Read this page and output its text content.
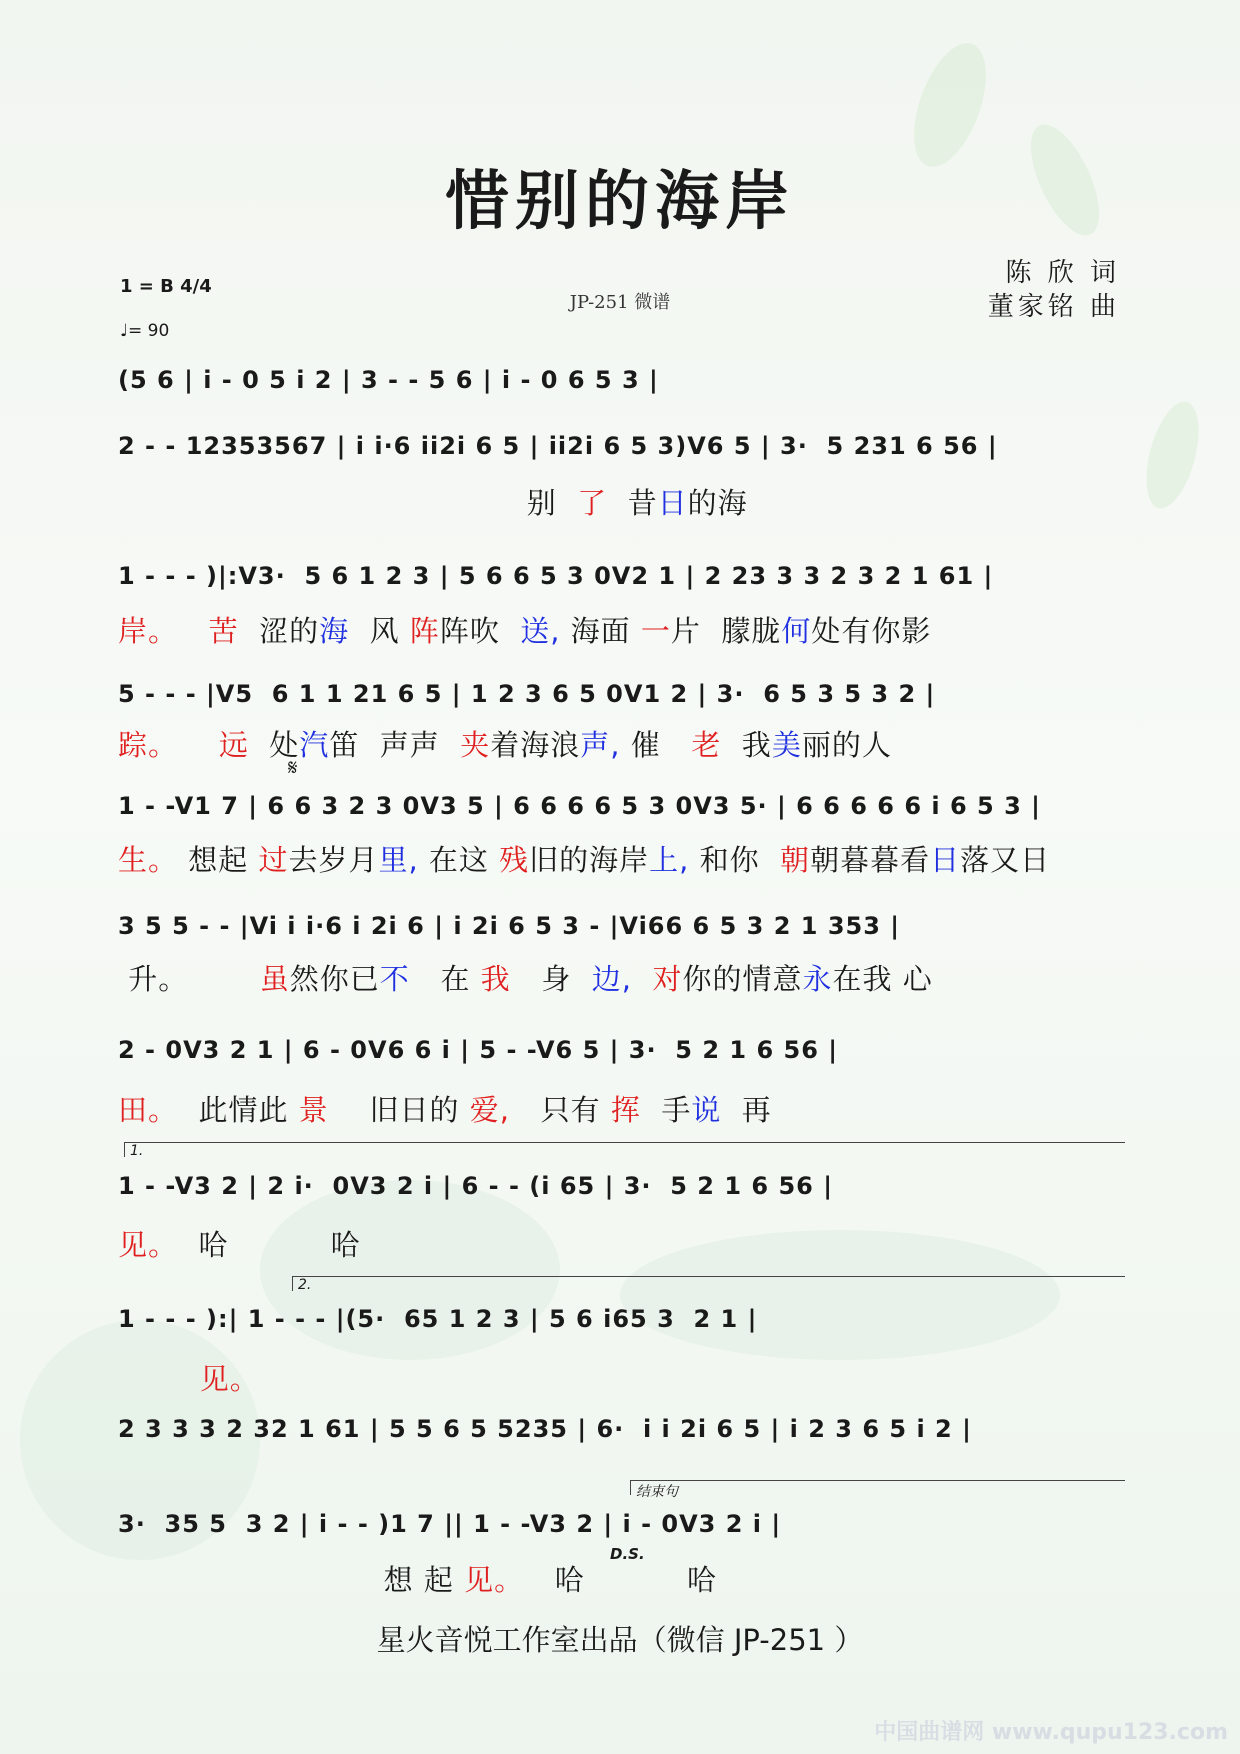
惜别的海岸
1 = B 4/4
♩= 90
JP-251 微谱
陈 欣 词
董家铭 曲
(5 6 | i - 0 5 i 2 | 3 - - 5 6 | i - 0 6 5 3 |
2 - - 12353567 | i i·6 ii2i 6 5 | ii2i 6 5 3)V6 5 | 3·  5 231 6 56 |
别  了  昔日的海
1 - - - )|:V3·  5 6 1 2 3 | 5 6 6 5 3 0V2 1 | 2 23 3 3 2 3 2 1 61 |
岸。 苦  涩的海  风 阵阵吹  送, 海面 一片  朦胧何处有你影
5 - - - |V5  6 1 1 21 6 5 | 1 2 3 6 5 0V1 2 | 3·  6 5 3 5 3 2 |
踪。 远  处汽笛  声声  夹着海浪声, 催   老  我美丽的人
𝄋
1 - -V1 7 | 6 6 3 2 3 0V3 5 | 6 6 6 6 5 3 0V3 5· | 6 6 6 6 6 i 6 5 3 |
生。 想起 过去岁月里, 在这 残旧的海岸上, 和你  朝朝暮暮看日落又日
3 5 5 - - |Vi i i·6 i 2i 6 | i 2i 6 5 3 - |Vi66 6 5 3 2 1 353 |
升。       虽然你已不   在 我   身  边, 对你的情意永在我 心
2 - 0V3 2 1 | 6 - 0V6 6 i | 5 - -V6 5 | 3·  5 2 1 6 56 |
田。  此情此 景    旧日的 爱,   只有 挥  手说  再
1.
1 - -V3 2 | 2 i·  0V3 2 i | 6 - - (i 65 | 3·  5 2 1 6 56 |
见。  哈          哈
2.
1 - - - ):| 1 - - - |(5·  65 1 2 3 | 5 6 i65 3  2 1 |
见。
2 3 3 3 2 32 1 61 | 5 5 6 5 5235 | 6·  i i 2i 6 5 | i 2 3 6 5 i 2 |
结束句
3·  35 5  3 2 | i - - )1 7 || 1 - -V3 2 | i - 0V3 2 i |
D.S.
想 起 见。   哈          哈
星火音悦工作室出品（微信 JP-251 ）
中国曲谱网 www.qupu123.com
